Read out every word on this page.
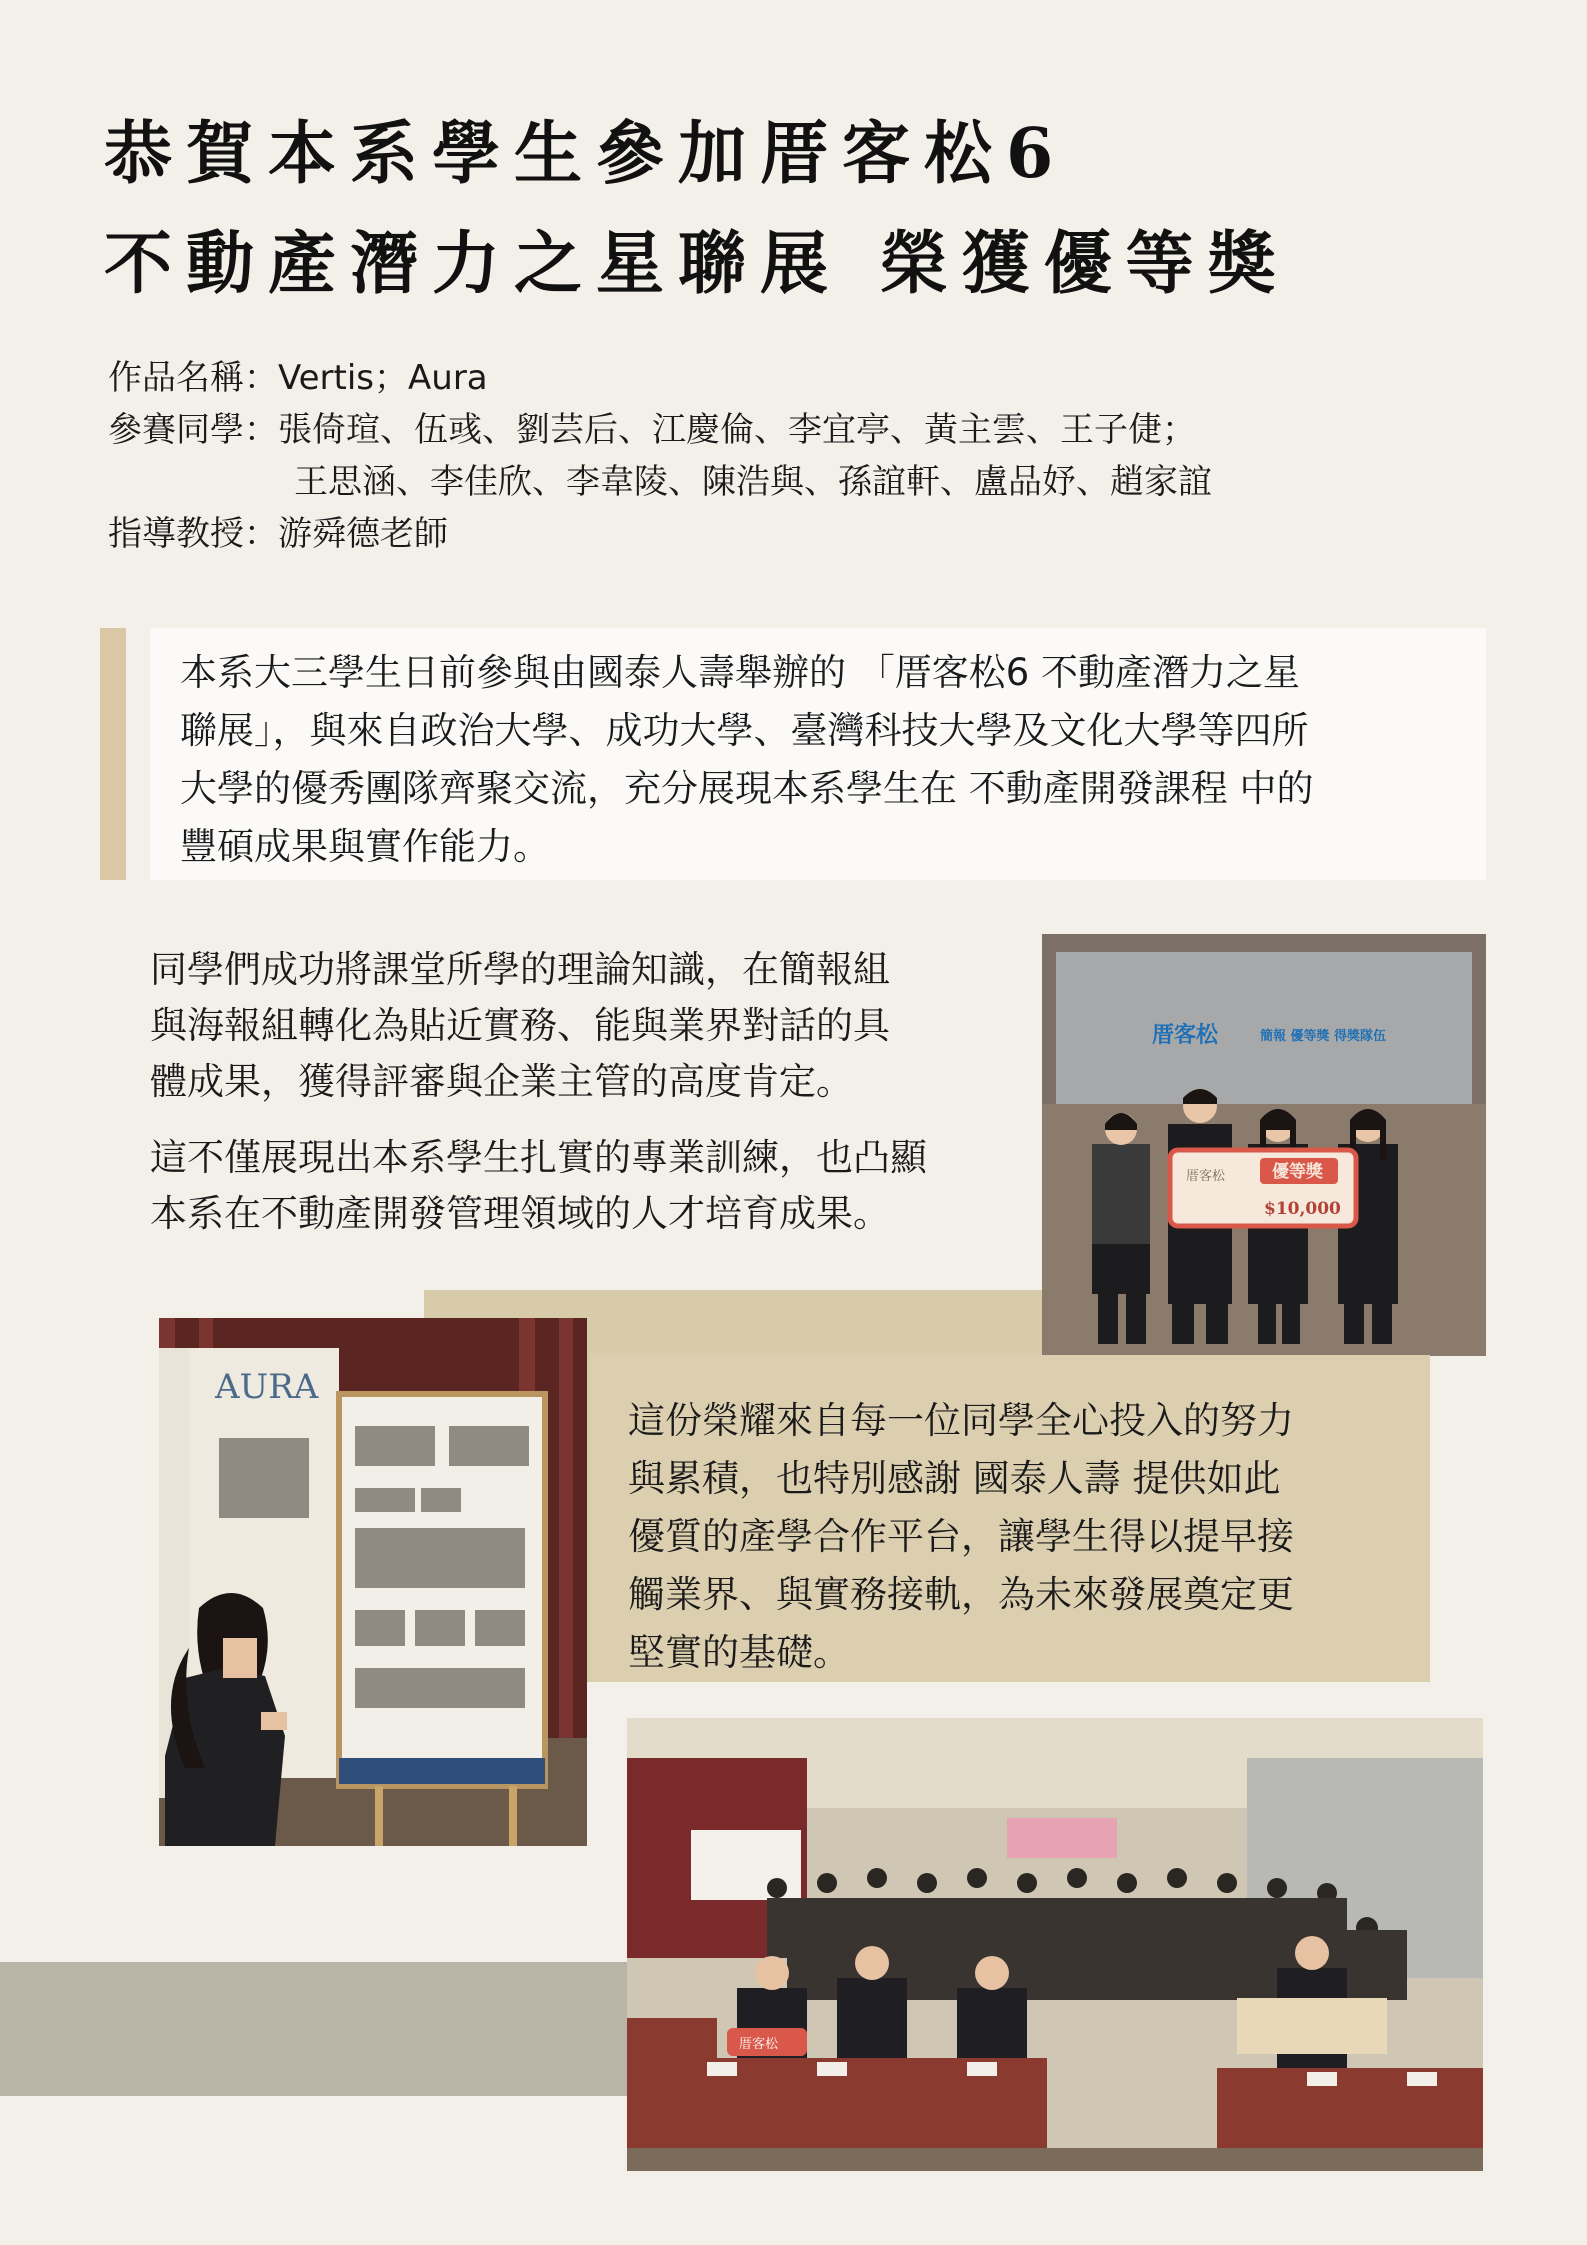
恭賀本系學生參加厝客松6
不動產潛力之星聯展 榮獲優等獎
作品名稱：Vertis；Aura
參賽同學：張倚瑄、伍彧、劉芸后、江慶倫、李宜亭、黃主雲、王子倢；
王思涵、李佳欣、李韋陵、陳浩與、孫誼軒、盧品妤、趙家誼
指導教授：游舜德老師
本系大三學生日前參與由國泰人壽舉辦的 「厝客松6 不動產潛力之星
聯展」，與來自政治大學、成功大學、臺灣科技大學及文化大學等四所
大學的優秀團隊齊聚交流，充分展現本系學生在 不動產開發課程 中的
豐碩成果與實作能力。
同學們成功將課堂所學的理論知識，在簡報組
與海報組轉化為貼近實務、能與業界對話的具
體成果，獲得評審與企業主管的高度肯定。
這不僅展現出本系學生扎實的專業訓練，也凸顯
本系在不動產開發管理領域的人才培育成果。
厝客松	簡報 優等獎 得獎隊伍
厝客松	優等獎
$10,000
這份榮耀來自每一位同學全心投入的努力
與累積，也特別感謝 國泰人壽 提供如此
優質的產學合作平台，讓學生得以提早接
觸業界、與實務接軌，為未來發展奠定更
堅實的基礎。
AURA
厝客松
